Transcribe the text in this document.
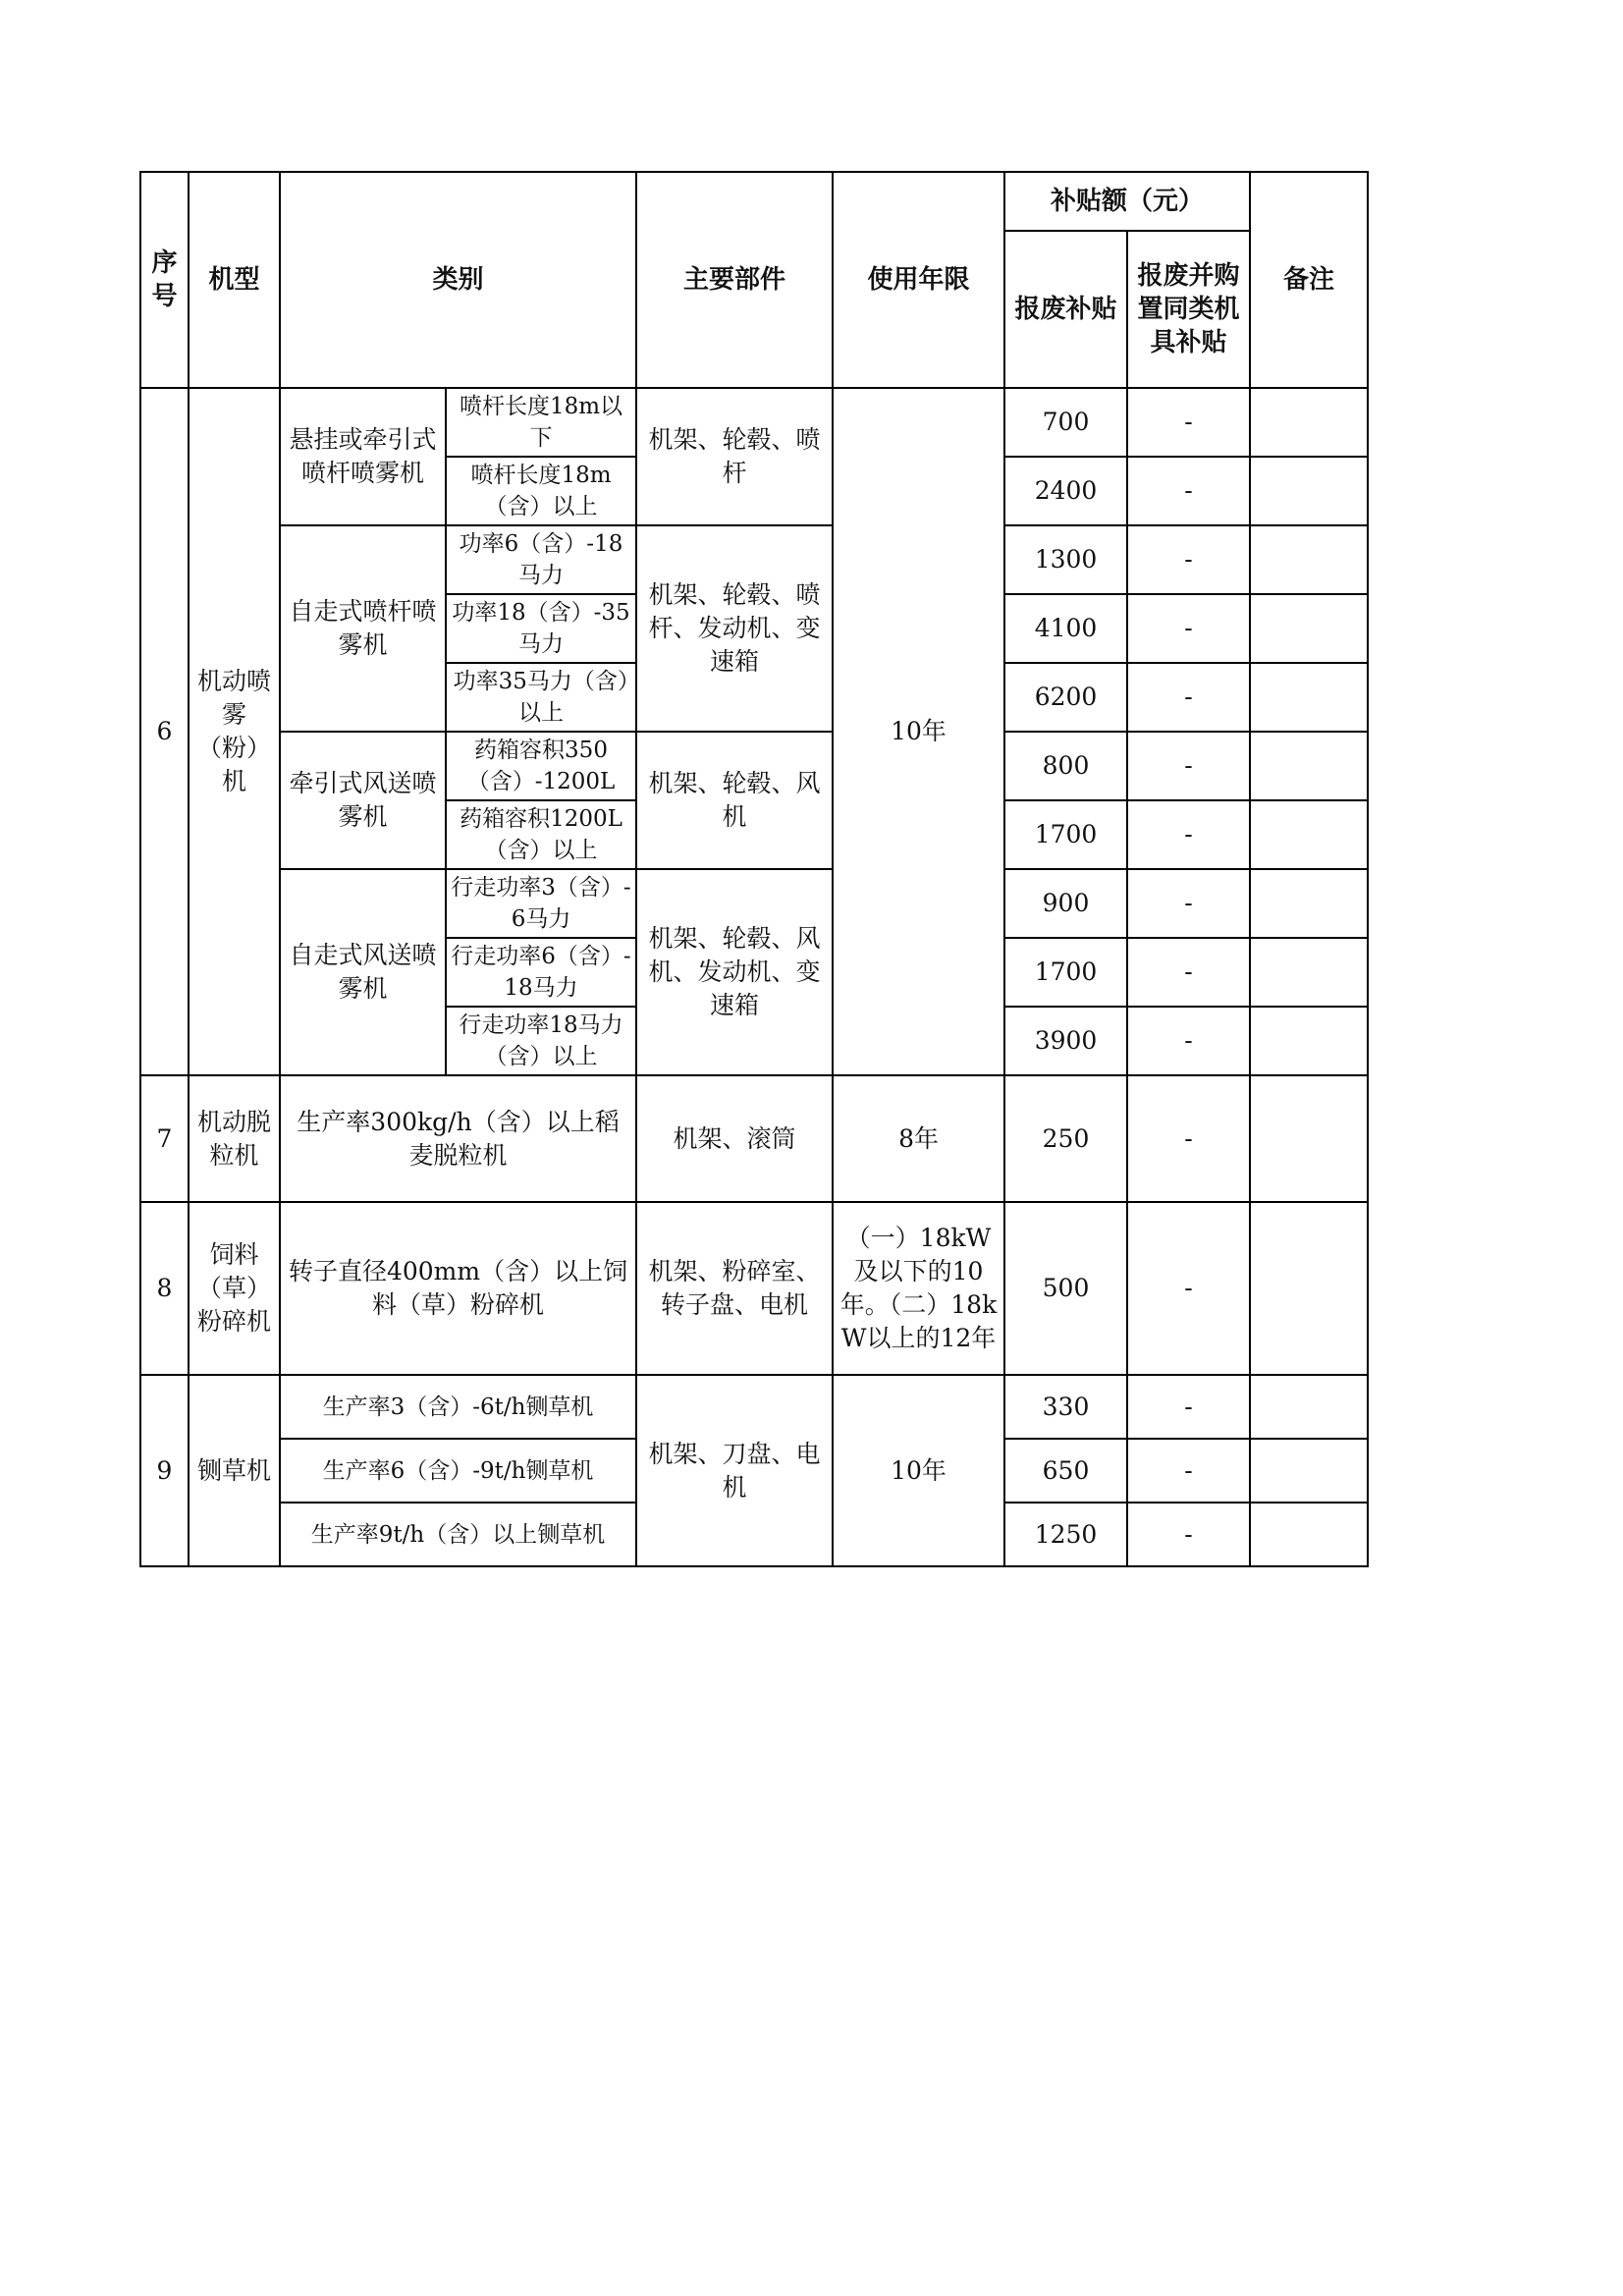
序号	机型	类别		主要部件	使用年限	补贴额（元）		备注
						报废补贴	报废并购置同类机具补贴	
6	机动喷雾（粉）机	悬挂或牵引式喷杆喷雾机	喷杆长度18m以下	机架、轮毂、喷杆	10年	700	-	
			喷杆长度18m（含）以上			2400	-	
		自走式喷杆喷雾机	功率6（含）-18马力	机架、轮毂、喷杆、发动机、变速箱		1300	-	
			功率18（含）-35马力			4100	-	
			功率35马力（含）以上			6200	-	
		牵引式风送喷雾机	药箱容积350（含）-1200L	机架、轮毂、风机		800	-	
			药箱容积1200L（含）以上			1700	-	
		自走式风送喷雾机	行走功率3（含）-6马力	机架、轮毂、风机、发动机、变速箱		900	-	
			行走功率6（含）-18马力			1700	-	
			行走功率18马力（含）以上			3900	-	
7	机动脱粒机	生产率300kg/h（含）以上稻麦脱粒机		机架、滚筒	8年	250	-	
8	饲料（草）粉碎机	转子直径400mm（含）以上饲料（草）粉碎机		机架、粉碎室、转子盘、电机	（一）18kW及以下的10年。（二）18kW以上的12年	500	-	
9	铡草机	生产率3（含）-6t/h铡草机		机架、刀盘、电机	10年	330	-	
		生产率6（含）-9t/h铡草机				650	-	
		生产率9t/h（含）以上铡草机				1250	-	
